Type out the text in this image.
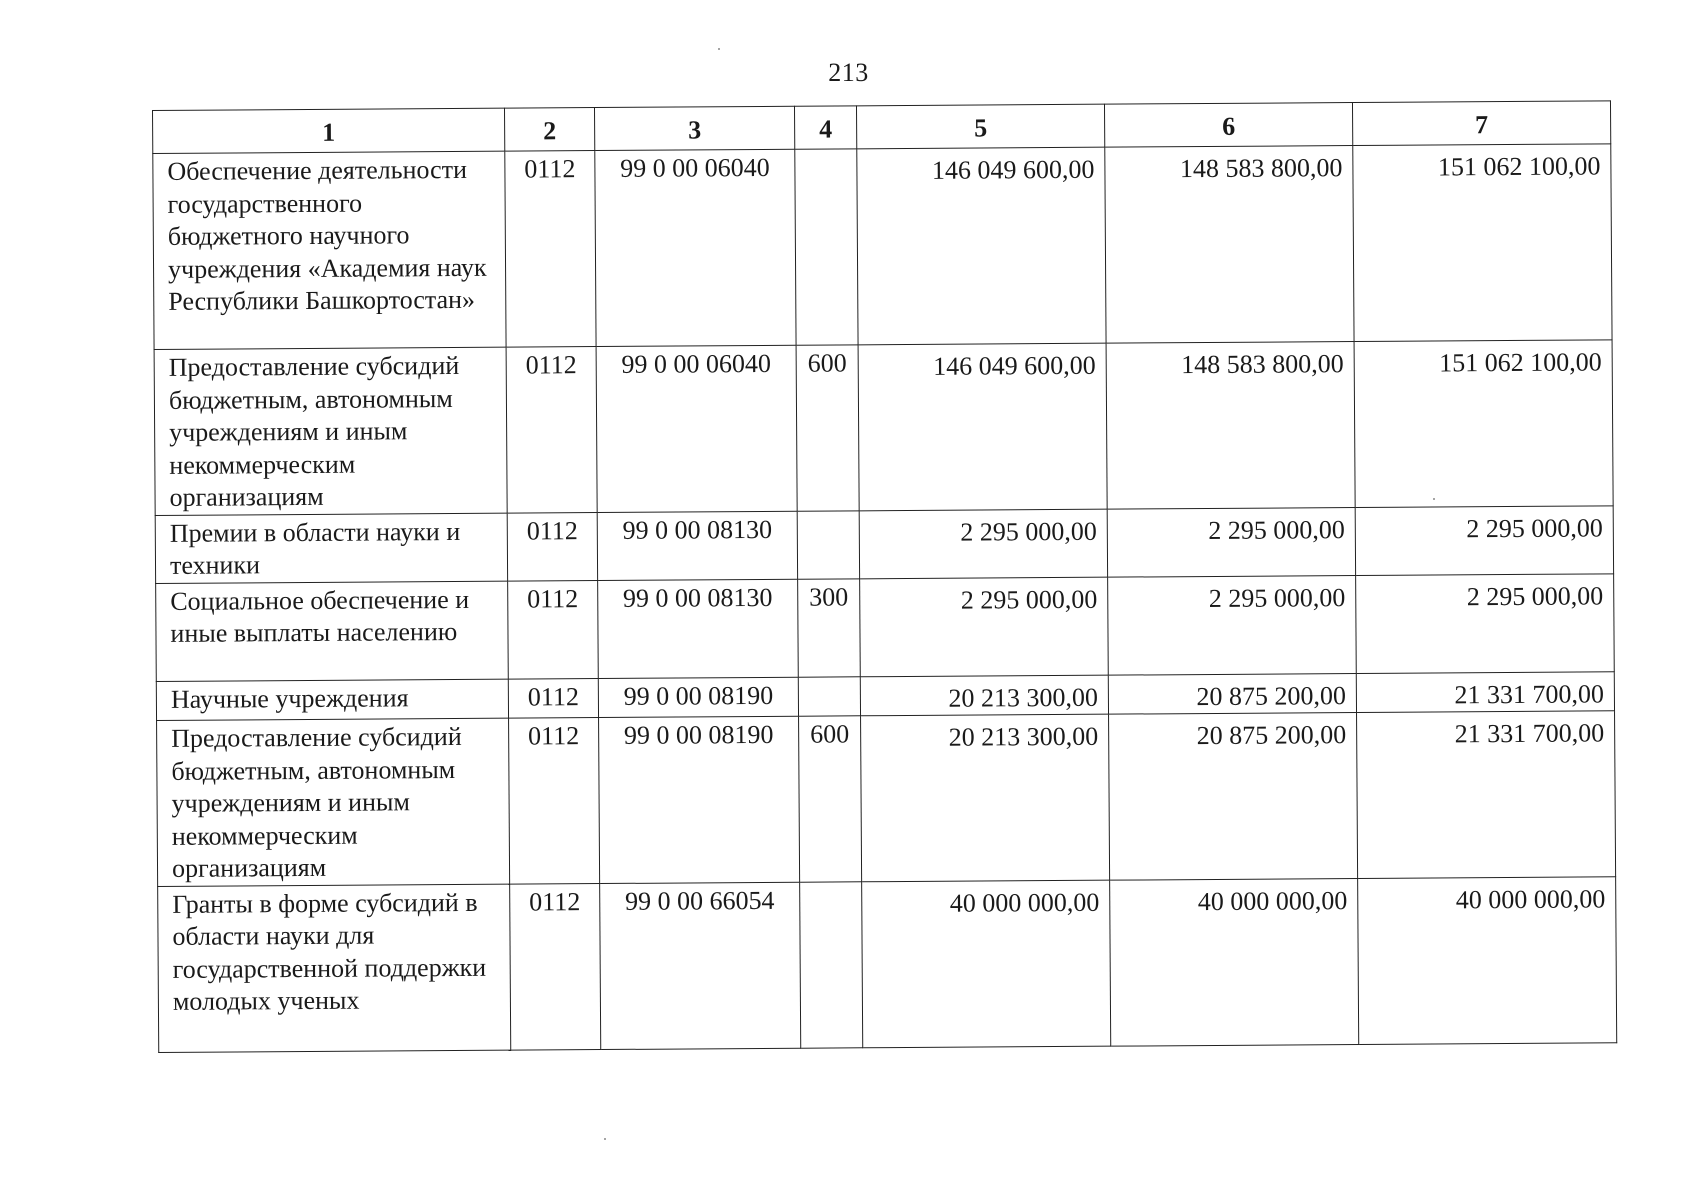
213
1	2	3	4	5	6	7
Обеспечение деятельности государственного бюджетного научного учреждения «Академия наук Республики Башкортостан»	0112	99 0 00 06040		146 049 600,00	148 583 800,00	151 062 100,00
Предоставление субсидий бюджетным, автономным учреждениям и иным некоммерческим организациям	0112	99 0 00 06040	600	146 049 600,00	148 583 800,00	151 062 100,00
Премии в области науки и техники	0112	99 0 00 08130		2 295 000,00	2 295 000,00	2 295 000,00
Социальное обеспечение и иные выплаты населению	0112	99 0 00 08130	300	2 295 000,00	2 295 000,00	2 295 000,00
Научные учреждения	0112	99 0 00 08190		20 213 300,00	20 875 200,00	21 331 700,00
Предоставление субсидий бюджетным, автономным учреждениям и иным некоммерческим организациям	0112	99 0 00 08190	600	20 213 300,00	20 875 200,00	21 331 700,00
Гранты в форме субсидий в области науки для государственной поддержки молодых ученых	0112	99 0 00 66054		40 000 000,00	40 000 000,00	40 000 000,00
